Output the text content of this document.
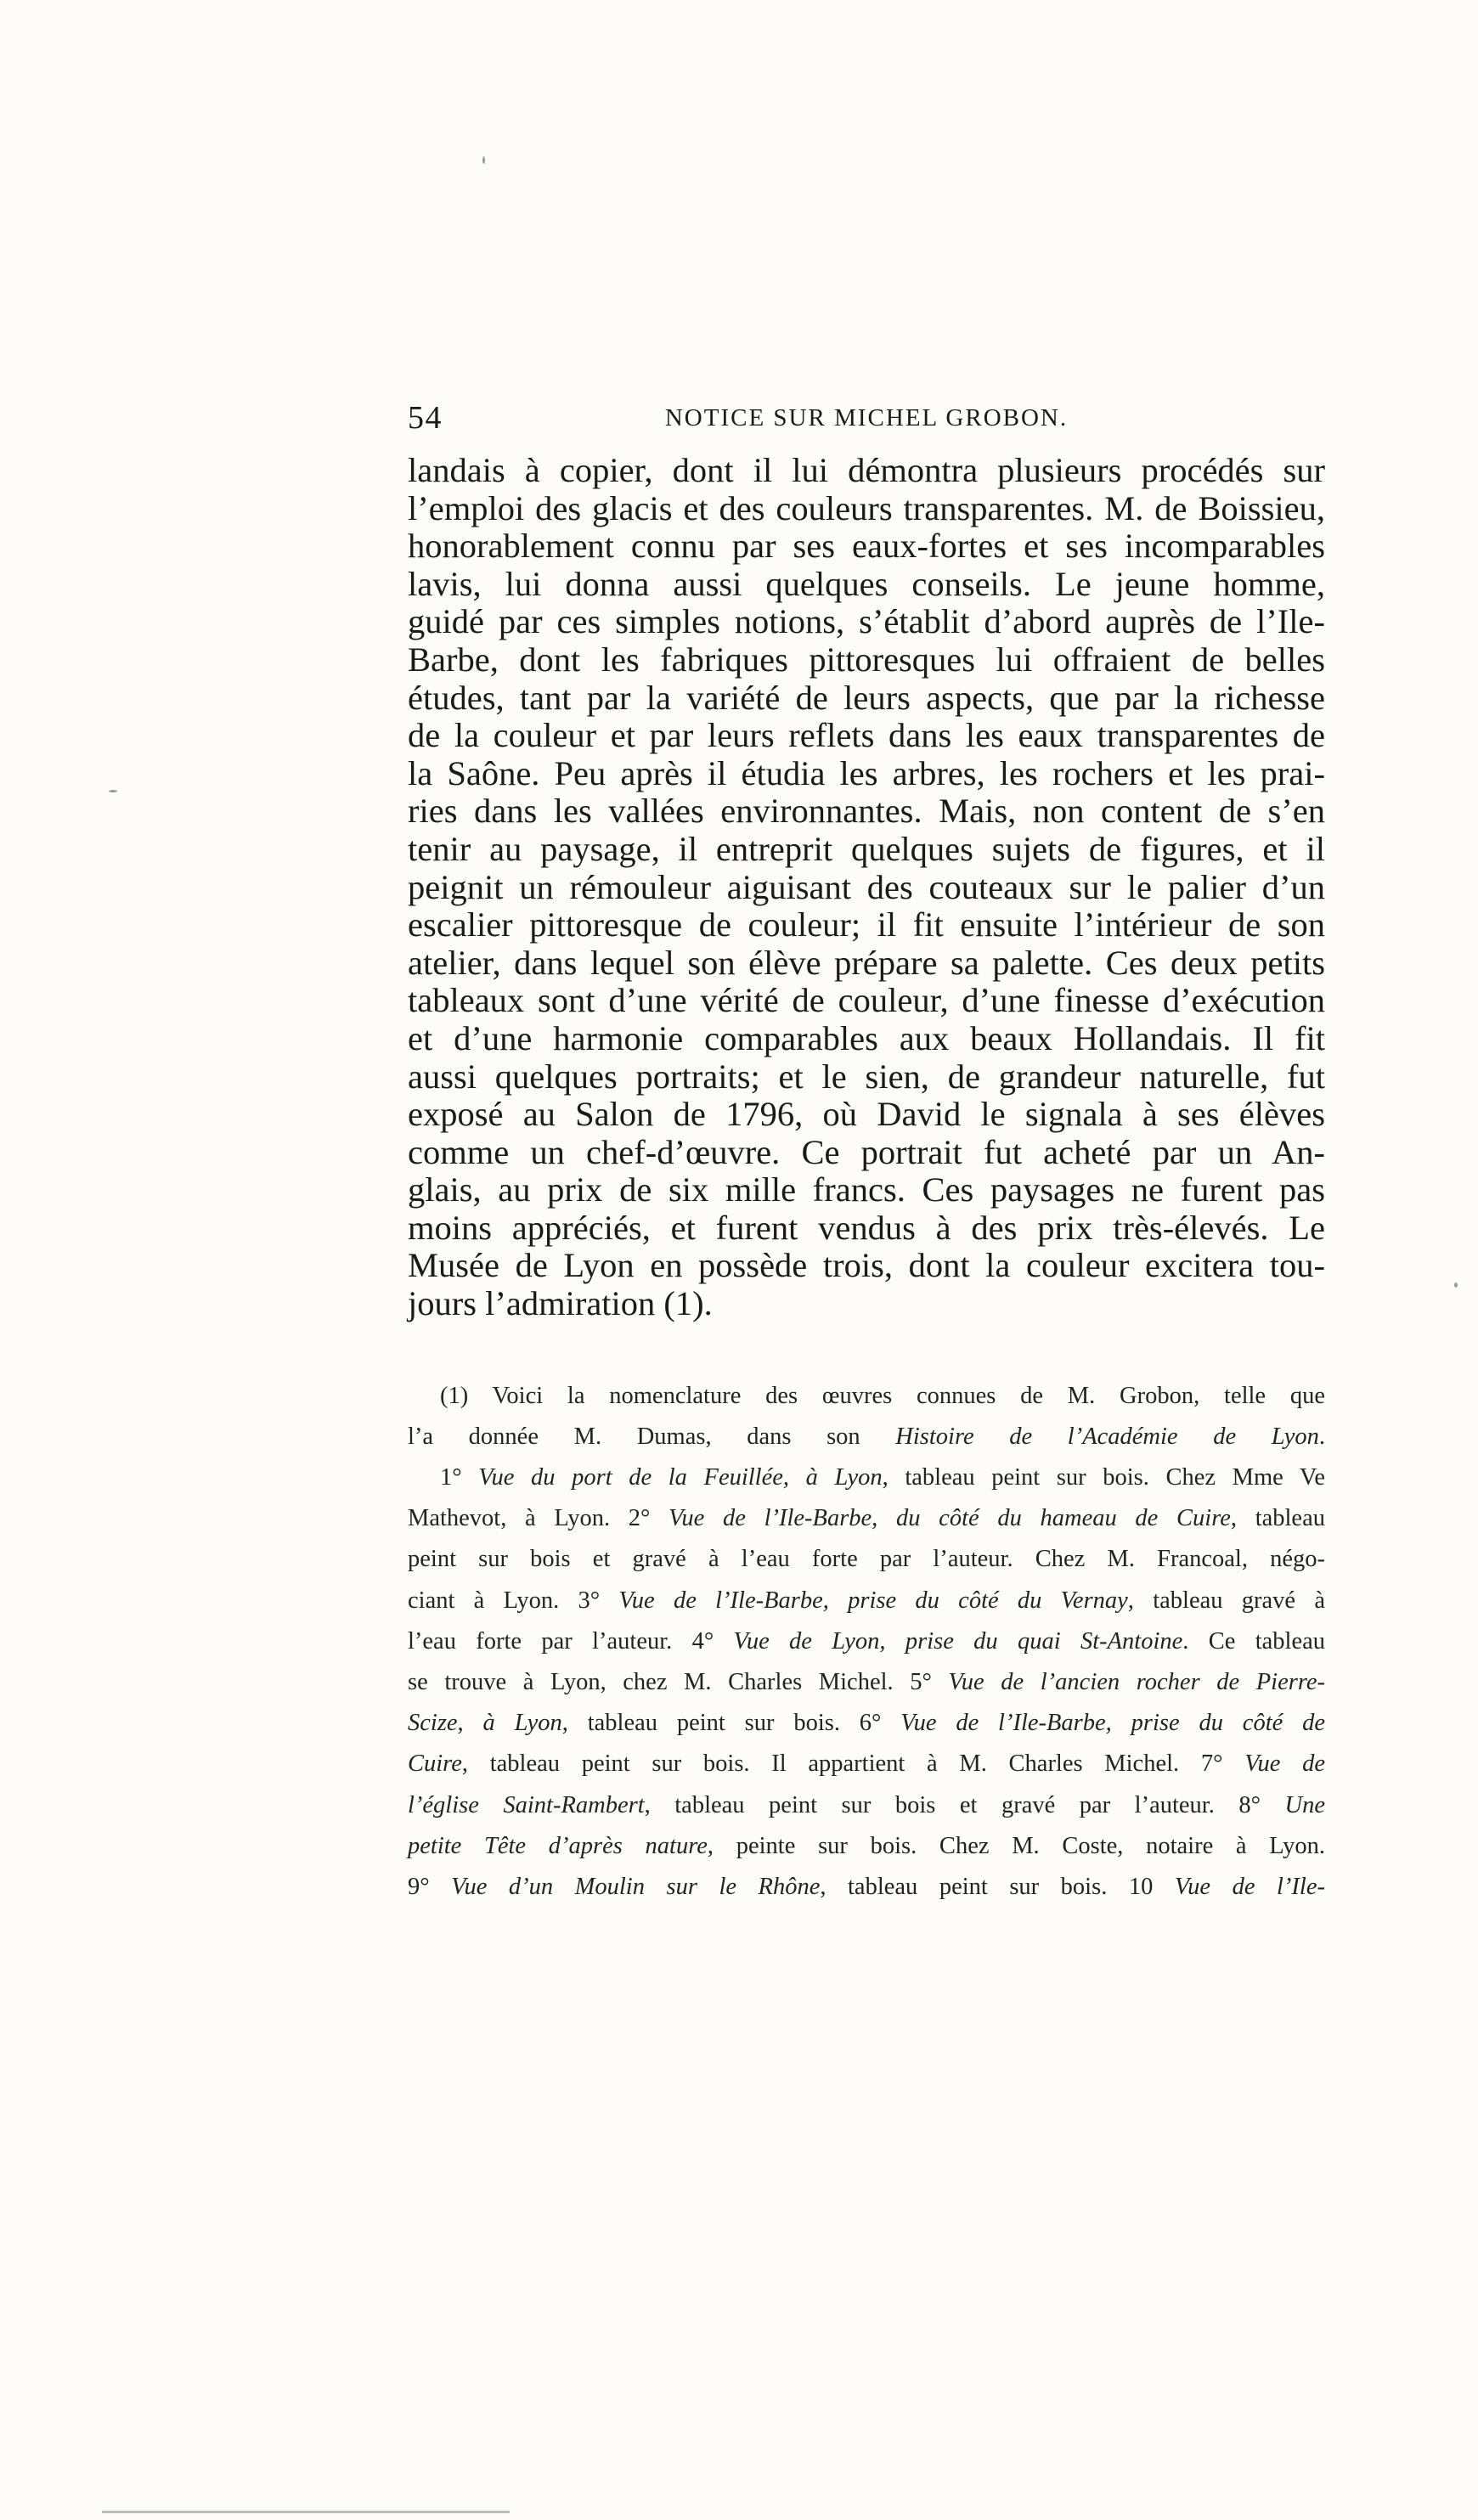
54	NOTICE SUR MICHEL GROBON.
landais à copier, dont il lui démontra plusieurs procédés sur
l’emploi des glacis et des couleurs transparentes. M. de Boissieu,
honorablement connu par ses eaux-fortes et ses incomparables
lavis, lui donna aussi quelques conseils. Le jeune homme,
guidé par ces simples notions, s’établit d’abord auprès de l’Ile-
Barbe, dont les fabriques pittoresques lui offraient de belles
études, tant par la variété de leurs aspects, que par la richesse
de la couleur et par leurs reflets dans les eaux transparentes de
la Saône. Peu après il étudia les arbres, les rochers et les prai-
ries dans les vallées environnantes. Mais, non content de s’en
tenir au paysage, il entreprit quelques sujets de figures, et il
peignit un rémouleur aiguisant des couteaux sur le palier d’un
escalier pittoresque de couleur; il fit ensuite l’intérieur de son
atelier, dans lequel son élève prépare sa palette. Ces deux petits
tableaux sont d’une vérité de couleur, d’une finesse d’exécution
et d’une harmonie comparables aux beaux Hollandais. Il fit
aussi quelques portraits; et le sien, de grandeur naturelle, fut
exposé au Salon de 1796, où David le signala à ses élèves
comme un chef-d’œuvre. Ce portrait fut acheté par un An-
glais, au prix de six mille francs. Ces paysages ne furent pas
moins appréciés, et furent vendus à des prix très-élevés. Le
Musée de Lyon en possède trois, dont la couleur excitera tou-
jours l’admiration (1).
(1) Voici la nomenclature des œuvres connues de M. Grobon, telle que
l’a donnée M. Dumas, dans son Histoire de l’Académie de Lyon.
1° Vue du port de la Feuillée, à Lyon, tableau peint sur bois. Chez Mme Ve
Mathevot, à Lyon. 2° Vue de l’Ile-Barbe, du côté du hameau de Cuire, tableau
peint sur bois et gravé à l’eau forte par l’auteur. Chez M. Francoal, négo-
ciant à Lyon. 3° Vue de l’Ile-Barbe, prise du côté du Vernay, tableau gravé à
l’eau forte par l’auteur. 4° Vue de Lyon, prise du quai St-Antoine. Ce tableau
se trouve à Lyon, chez M. Charles Michel. 5° Vue de l’ancien rocher de Pierre-
Scize, à Lyon, tableau peint sur bois. 6° Vue de l’Ile-Barbe, prise du côté de
Cuire, tableau peint sur bois. Il appartient à M. Charles Michel. 7° Vue de
l’église Saint-Rambert, tableau peint sur bois et gravé par l’auteur. 8° Une
petite Tête d’après nature, peinte sur bois. Chez M. Coste, notaire à Lyon.
9° Vue d’un Moulin sur le Rhône, tableau peint sur bois. 10 Vue de l’Ile-
